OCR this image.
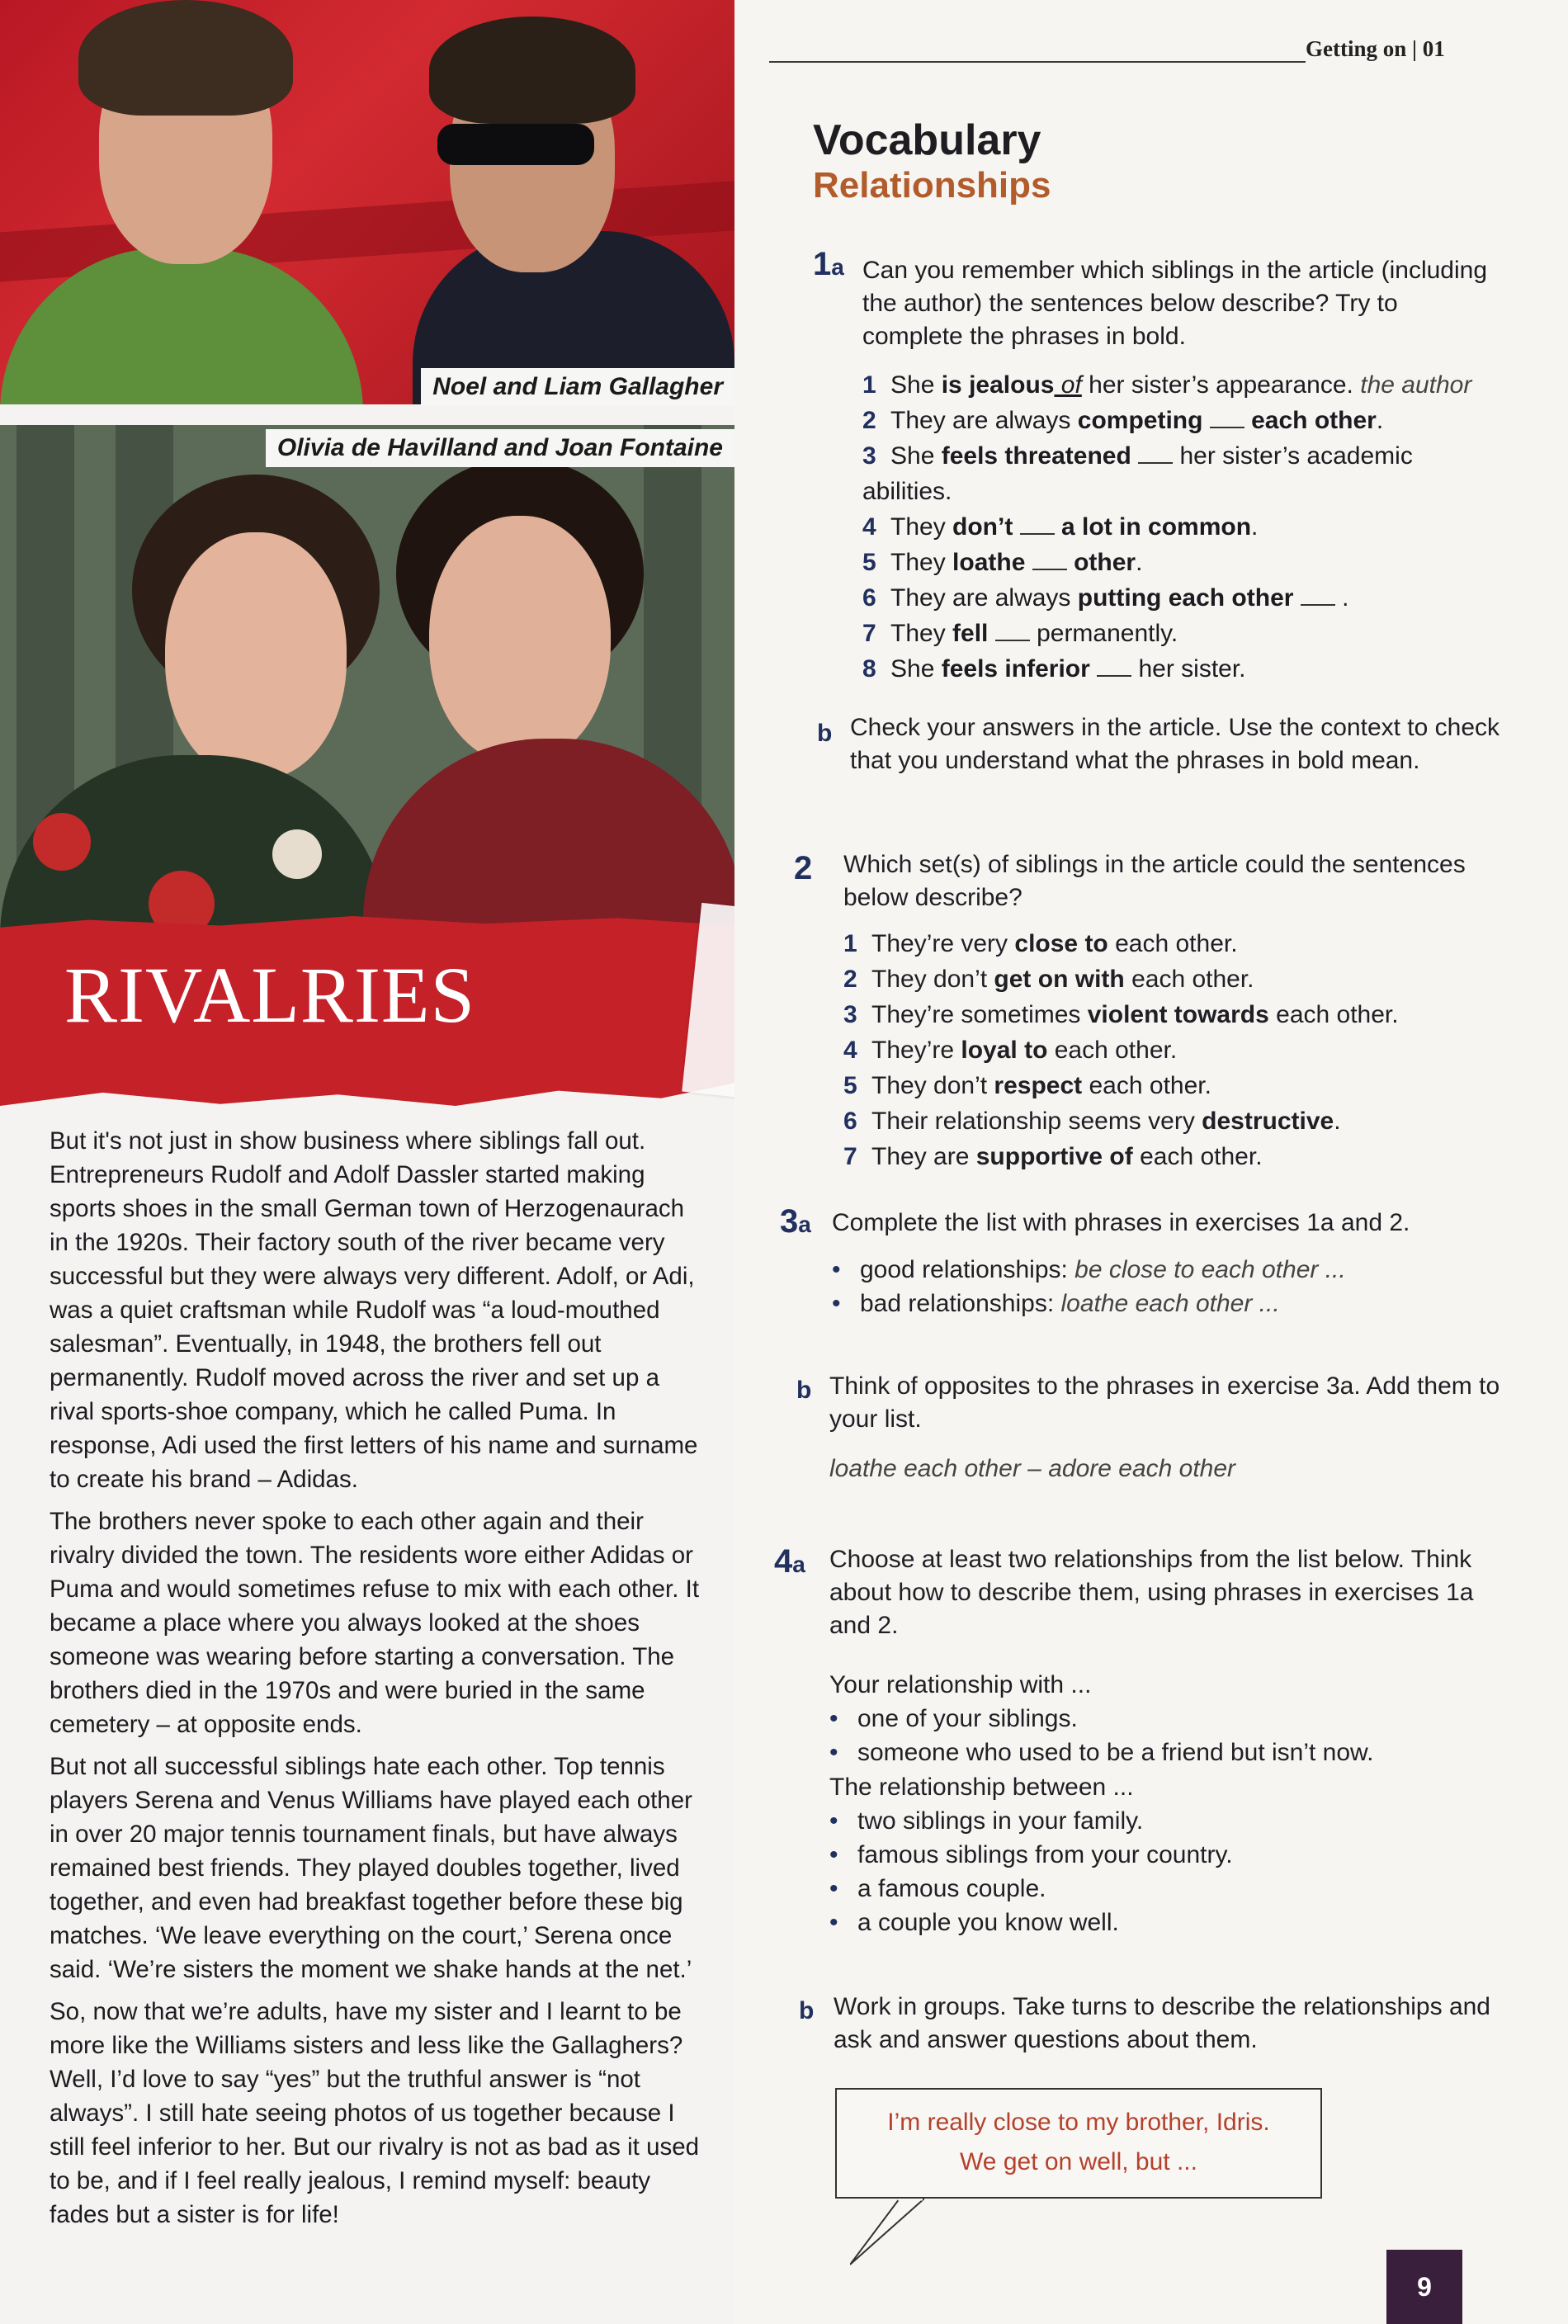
Noel and Liam Gallagher
Olivia de Havilland and Joan Fontaine
RIVALRIES

But it's not just in show business where siblings fall out. Entrepreneurs Rudolf and Adolf Dassler started making sports shoes in the small German town of Herzogenaurach in the 1920s. Their factory south of the river became very successful but they were always very different. Adolf, or Adi, was a quiet craftsman while Rudolf was “a loud-mouthed salesman”. Eventually, in 1948, the brothers fell out permanently. Rudolf moved across the river and set up a rival sports-shoe company, which he called Puma. In response, Adi used the first letters of his name and surname to create his brand – Adidas.

The brothers never spoke to each other again and their rivalry divided the town. The residents wore either Adidas or Puma and would sometimes refuse to mix with each other. It became a place where you always looked at the shoes someone was wearing before starting a conversation. The brothers died in the 1970s and were buried in the same cemetery – at opposite ends.

But not all successful siblings hate each other. Top tennis players Serena and Venus Williams have played each other in over 20 major tennis tournament finals, but have always remained best friends. They played doubles together, lived together, and even had breakfast together before these big matches. ‘We leave everything on the court,’ Serena once said. ‘We’re sisters the moment we shake hands at the net.’

So, now that we’re adults, have my sister and I learnt to be more like the Williams sisters and less like the Gallaghers? Well, I’d love to say “yes” but the truthful answer is “not always”. I still hate seeing photos of us together because I still feel inferior to her. But our rivalry is not as bad as it used to be, and if I feel really jealous, I remind myself: beauty fades but a sister is for life!

Getting on | 01
Vocabulary
Relationships
1a Can you remember which siblings in the article (including the author) the sentences below describe? Try to complete the phrases in bold.
1 She is jealous of her sister’s appearance. the author
2 They are always competing  each other.
3 She feels threatened  her sister’s academic abilities.
4 They don’t  a lot in common.
5 They loathe  other.
6 They are always putting each other  .
7 They fell  permanently.
8 She feels inferior  her sister.
b Check your answers in the article. Use the context to check that you understand what the phrases in bold mean.
2 Which set(s) of siblings in the article could the sentences below describe?
1 They’re very close to each other.
2 They don’t get on with each other.
3 They’re sometimes violent towards each other.
4 They’re loyal to each other.
5 They don’t respect each other.
6 Their relationship seems very destructive.
7 They are supportive of each other.
3a Complete the list with phrases in exercises 1a and 2.
• good relationships: be close to each other ...
• bad relationships: loathe each other ...
b Think of opposites to the phrases in exercise 3a. Add them to your list.
loathe each other – adore each other
4a Choose at least two relationships from the list below. Think about how to describe them, using phrases in exercises 1a and 2.
Your relationship with ...
• one of your siblings.
• someone who used to be a friend but isn’t now.
The relationship between ...
• two siblings in your family.
• famous siblings from your country.
• a famous couple.
• a couple you know well.
b Work in groups. Take turns to describe the relationships and ask and answer questions about them.
I’m really close to my brother, Idris.
We get on well, but ...
9
